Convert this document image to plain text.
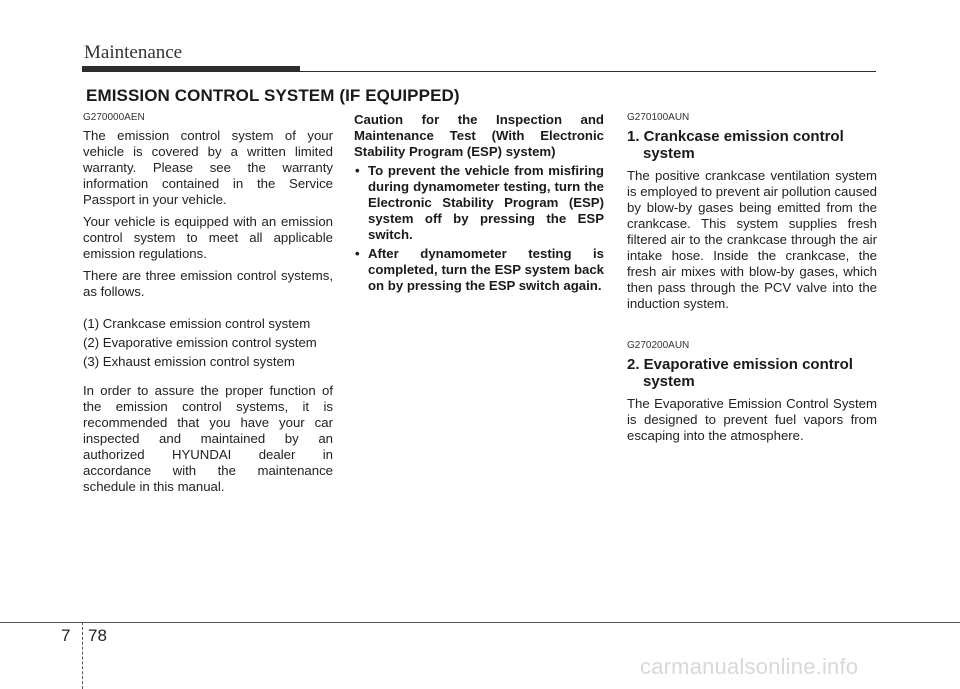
Maintenance
EMISSION CONTROL SYSTEM (IF EQUIPPED)
G270000AEN

The emission control system of your vehicle is covered by a written limited warranty. Please see the warranty information contained in the Service Passport in your vehicle.

Your vehicle is equipped with an emission control system to meet all applicable emission regulations.

There are three emission control systems, as follows.

(1) Crankcase emission control system
(2) Evaporative emission control system
(3) Exhaust emission control system

In order to assure the proper function of the emission control systems, it is recommended that you have your car inspected and maintained by an authorized HYUNDAI dealer in accordance with the maintenance schedule in this manual.

Caution for the Inspection and Maintenance Test (With Electronic Stability Program (ESP) system)

• To prevent the vehicle from misfiring during dynamometer testing, turn the Electronic Stability Program (ESP) system off by pressing the ESP switch.
• After dynamometer testing is completed, turn the ESP system back on by pressing the ESP switch again.
G270100AUN
1. Crankcase emission control system

The positive crankcase ventilation system is employed to prevent air pollution caused by blow-by gases being emitted from the crankcase. This system supplies fresh filtered air to the crankcase through the air intake hose. Inside the crankcase, the fresh air mixes with blow-by gases, which then pass through the PCV valve into the induction system.

G270200AUN
2. Evaporative emission control system

The Evaporative Emission Control System is designed to prevent fuel vapors from escaping into the atmosphere.

7 78
carmanualsonline.info
